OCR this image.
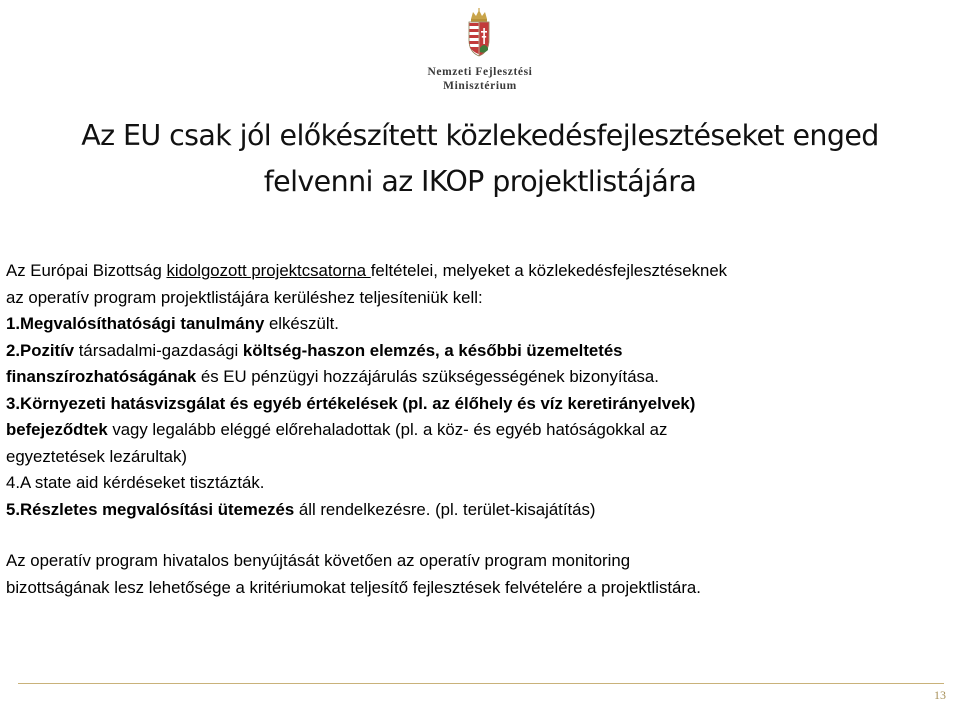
Nemzeti Fejlesztési
Minisztérium
Az EU csak jól előkészített közlekedésfejlesztéseket enged
felvenni az IKOP projektlistájára

Az Európai Bizottság kidolgozott projektcsatorna feltételei, melyeket a közlekedésfejlesztéseknek

az operatív program projektlistájára kerüléshez teljesíteniük kell:

1.Megvalósíthatósági tanulmány elkészült.

2.Pozitív társadalmi-gazdasági költség-haszon elemzés, a későbbi üzemeltetés

finanszírozhatóságának és EU pénzügyi hozzájárulás szükségességének bizonyítása.

3.Környezeti hatásvizsgálat és egyéb értékelések (pl. az élőhely és víz keretirányelvek)

befejeződtek vagy legalább eléggé előrehaladottak (pl. a köz- és egyéb hatóságokkal az

egyeztetések lezárultak)

4.A state aid kérdéseket tisztázták.

5.Részletes megvalósítási ütemezés áll rendelkezésre. (pl. terület-kisajátítás)

Az operatív program hivatalos benyújtását követően az operatív program monitoring

bizottságának lesz lehetősége a kritériumokat teljesítő fejlesztések felvételére a projektlistára.

13
